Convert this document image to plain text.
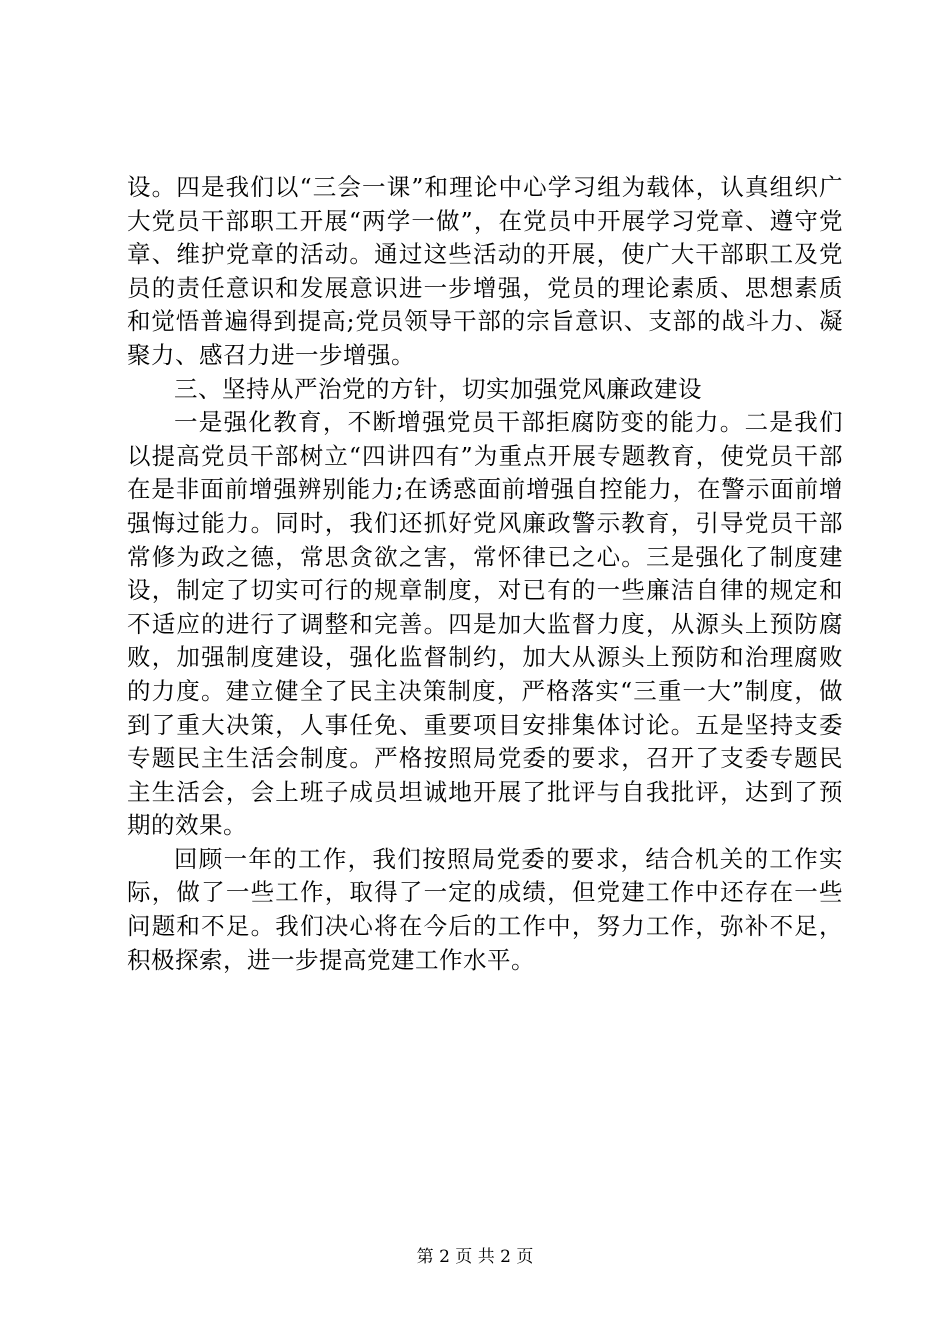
设。四是我们以“三会一课”和理论中心学习组为载体，认真组织广大党员干部职工开展“两学一做”，在党员中开展学习党章、遵守党章、维护党章的活动。通过这些活动的开展，使广大干部职工及党员的责任意识和发展意识进一步增强，党员的理论素质、思想素质和觉悟普遍得到提高;党员领导干部的宗旨意识、支部的战斗力、凝聚力、感召力进一步增强。

三、坚持从严治党的方针，切实加强党风廉政建设

一是强化教育，不断增强党员干部拒腐防变的能力。二是我们以提高党员干部树立“四讲四有”为重点开展专题教育，使党员干部在是非面前增强辨别能力;在诱惑面前增强自控能力，在警示面前增强悔过能力。同时，我们还抓好党风廉政警示教育，引导党员干部常修为政之德，常思贪欲之害，常怀律已之心。三是强化了制度建设，制定了切实可行的规章制度，对已有的一些廉洁自律的规定和不适应的进行了调整和完善。四是加大监督力度，从源头上预防腐败，加强制度建设，强化监督制约，加大从源头上预防和治理腐败的力度。建立健全了民主决策制度，严格落实“三重一大”制度，做到了重大决策，人事任免、重要项目安排集体讨论。五是坚持支委专题民主生活会制度。严格按照局党委的要求，召开了支委专题民主生活会，会上班子成员坦诚地开展了批评与自我批评，达到了预期的效果。

回顾一年的工作，我们按照局党委的要求，结合机关的工作实际，做了一些工作，取得了一定的成绩，但党建工作中还存在一些问题和不足。我们决心将在今后的工作中，努力工作，弥补不足，积极探索，进一步提高党建工作水平。

第 2 页 共 2 页
